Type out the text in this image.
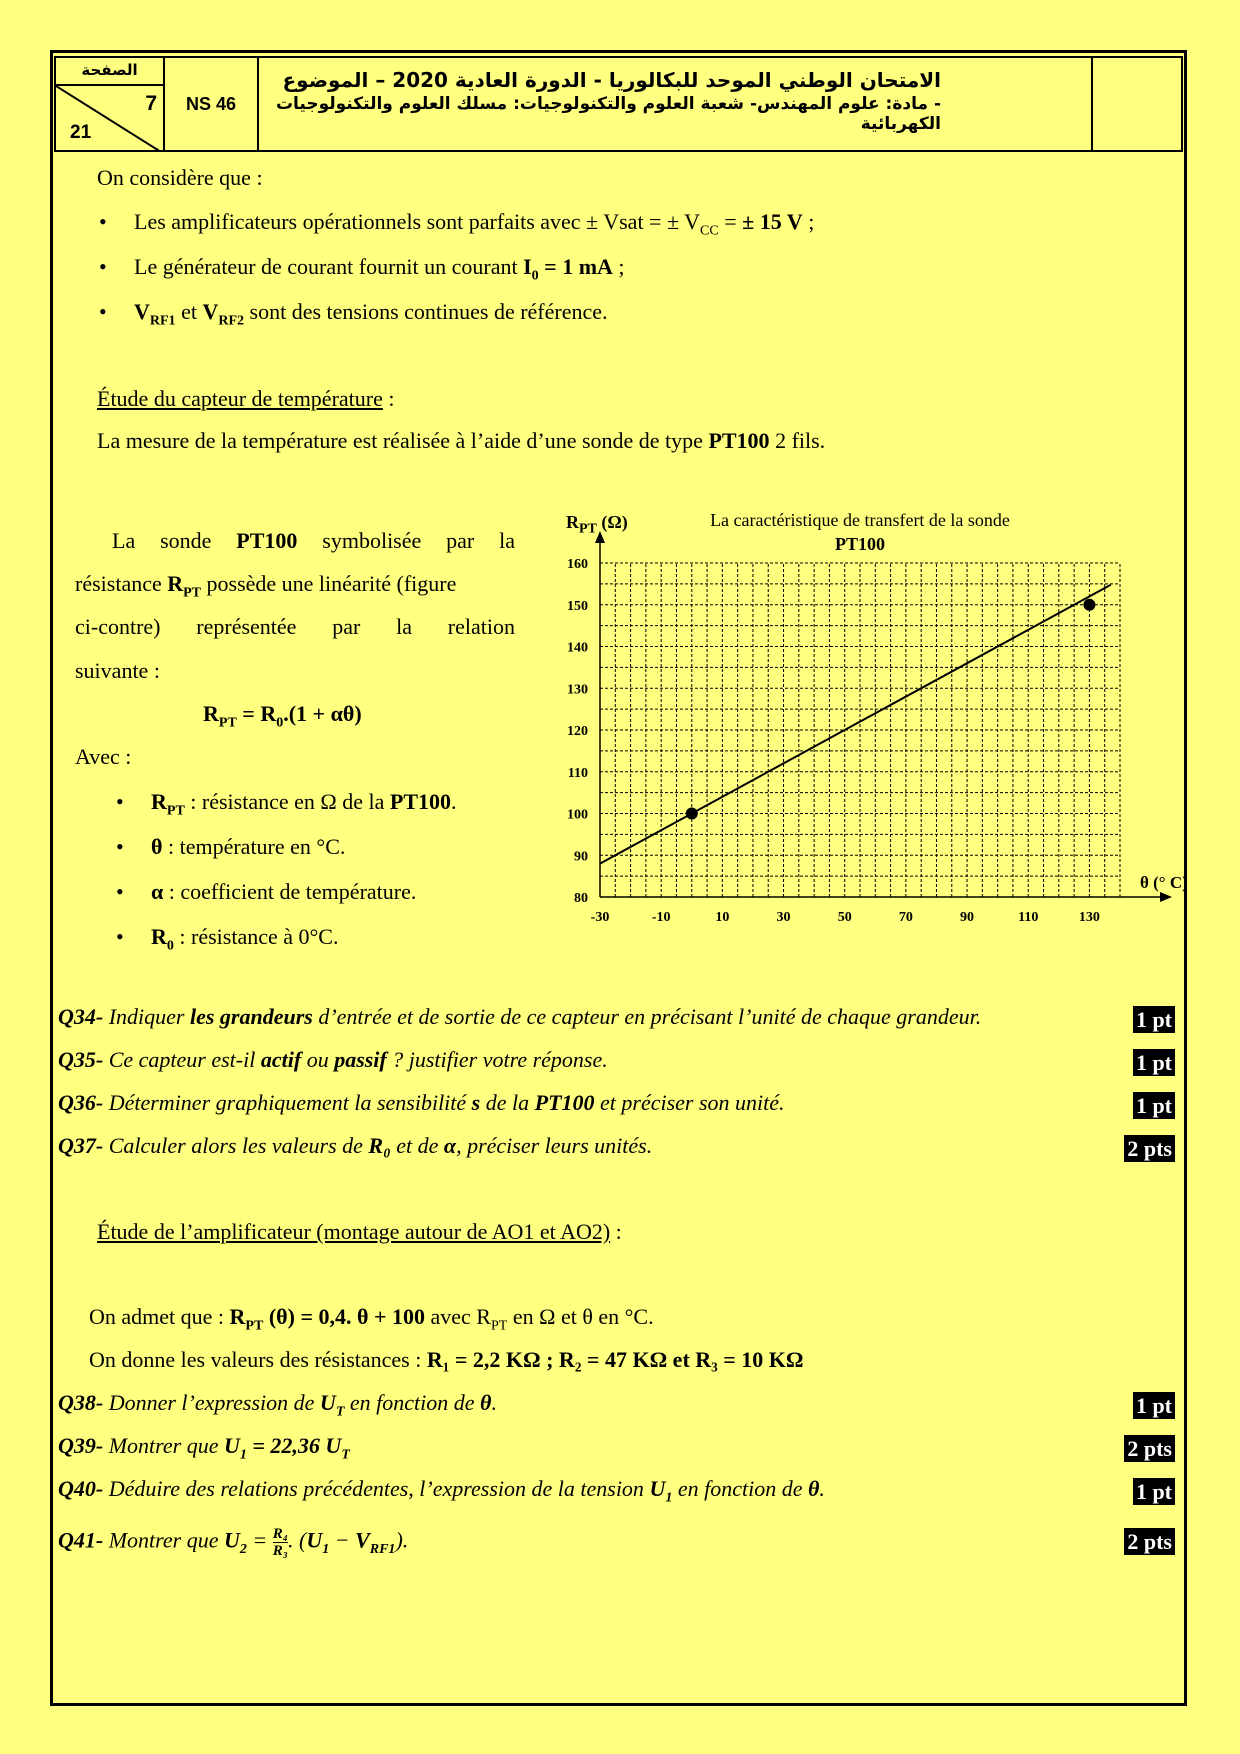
الصفحة
7
21
NS 46
الامتحان الوطني الموحد للبكالوريا - الدورة العادية 2020 – الموضوع
- مادة: علوم المهندس- شعبة العلوم والتكنولوجيات: مسلك العلوم والتكنولوجيات الكهربائية
On considère que :
• Les amplificateurs opérationnels sont parfaits avec ± Vsat = ± $V_{CC}$ = ± 15 V ;
• Le générateur de courant fournit un courant $I_0 = 1$ mA ;
• $V_{RF1}$ et $V_{RF2}$ sont des tensions continues de référence.
Étude du capteur de température :
La mesure de la température est réalisée à l’aide d’une sonde de type PT100 2 fils.
La sonde PT100 symbolisée par la
résistance $R_{PT}$ possède une linéarité (figure
ci-contre) représentée par la relation
suivante :
$R_{PT} = R_0.(1 + \alpha\theta)$
Avec :
• $R_{PT}$ : résistance en Ω de la PT100.
• θ : température en °C.
• α : coefficient de température.
• $R_0$ : résistance à 0°C.
La caractéristique de transfert de la sonde
PT100
$R_{PT}$ (Ω)
80
90
100
110
120
130
140
150
160
-30	-10	10	30	50	70	90	110	130
θ (° C)
Q34- Indiquer les grandeurs d’entrée et de sortie de ce capteur en précisant l’unité de chaque grandeur.	1 pt
Q35- Ce capteur est-il actif ou passif ? justifier votre réponse.	1 pt
Q36- Déterminer graphiquement la sensibilité s de la PT100 et préciser son unité.	1 pt
Q37- Calculer alors les valeurs de R₀ et de α, préciser leurs unités.	2 pts
Étude de l’amplificateur (montage autour de AO1 et AO2) :
On admet que : $R_{PT}$ (θ) = 0,4. θ + 100 avec $R_{PT}$ en Ω et θ en °C.
On donne les valeurs des résistances : R₁ = 2,2 KΩ ; R₂ = 47 KΩ et R₃ = 10 KΩ
Q38- Donner l’expression de $U_T$ en fonction de θ.	1 pt
Q39- Montrer que $U_1 = 22,36$ $U_T$	2 pts
Q40- Déduire des relations précédentes, l’expression de la tension $U_1$ en fonction de θ.	1 pt
Q41- Montrer que $U_2 = \frac{\text{R₄}}{\text{R₃}}$ . $(U_1 - V_{RF1})$.	2 pts
